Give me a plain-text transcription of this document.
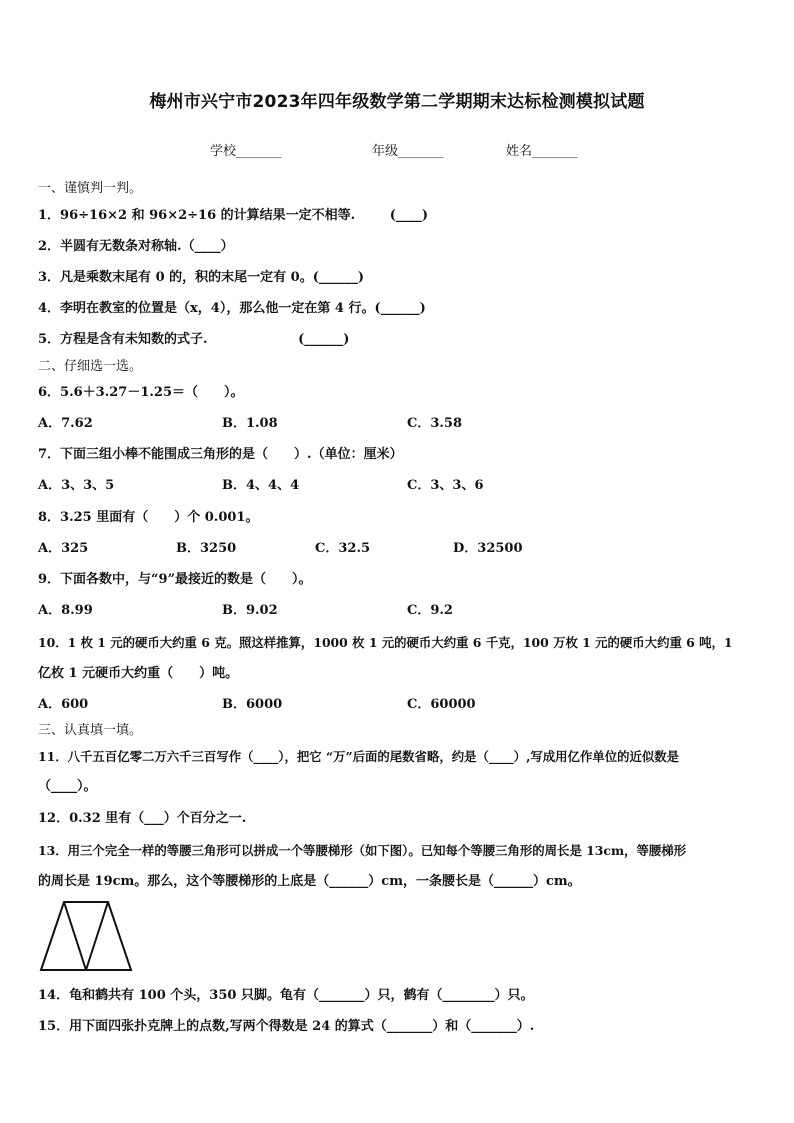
梅州市兴宁市2023年四年级数学第二学期期末达标检测模拟试题
学校_______	年级_______	姓名_______
一、谨慎判一判。
1．96÷16×2 和 96×2÷16 的计算结果一定不相等.	(____)
2．半圆有无数条对称轴.（____）
3．凡是乘数末尾有 0 的，积的末尾一定有 0。(______)
4．李明在教室的位置是（x，4），那么他一定在第 4 行。(______)
5．方程是含有未知数的式子.	(______)
二、仔细选一选。
6．5.6＋3.27－1.25＝（　　）。
A．7.62	B．1.08	C．3.58
7．下面三组小棒不能围成三角形的是（　　）.（单位：厘米）
A．3、3、5	B．4、4、4	C．3、3、6
8．3.25 里面有（　　）个 0.001。
A．325	B．3250	C．32.5	D．32500
9．下面各数中，与“9”最接近的数是（　　）。
A．8.99	B．9.02	C．9.2
10．1 枚 1 元的硬币大约重 6 克。照这样推算，1000 枚 1 元的硬币大约重 6 千克，100 万枚 1 元的硬币大约重 6 吨，1
亿枚 1 元硬币大约重（　　）吨。
A．600	B．6000	C．60000
三、认真填一填。
11．八千五百亿零二万六千三百写作（____），把它 “万”后面的尾数省略，约是（____）,写成用亿作单位的近似数是
（____）。
12．0.32 里有（___）个百分之一.
13．用三个完全一样的等腰三角形可以拼成一个等腰梯形（如下图）。已知每个等腰三角形的周长是 13cm，等腰梯形
的周长是 19cm。那么，这个等腰梯形的上底是（______）cm，一条腰长是（______）cm。
14．龟和鹤共有 100 个头，350 只脚。龟有（_______）只，鹤有（________）只。
15．用下面四张扑克牌上的点数,写两个得数是 24 的算式（_______）和（_______）.
